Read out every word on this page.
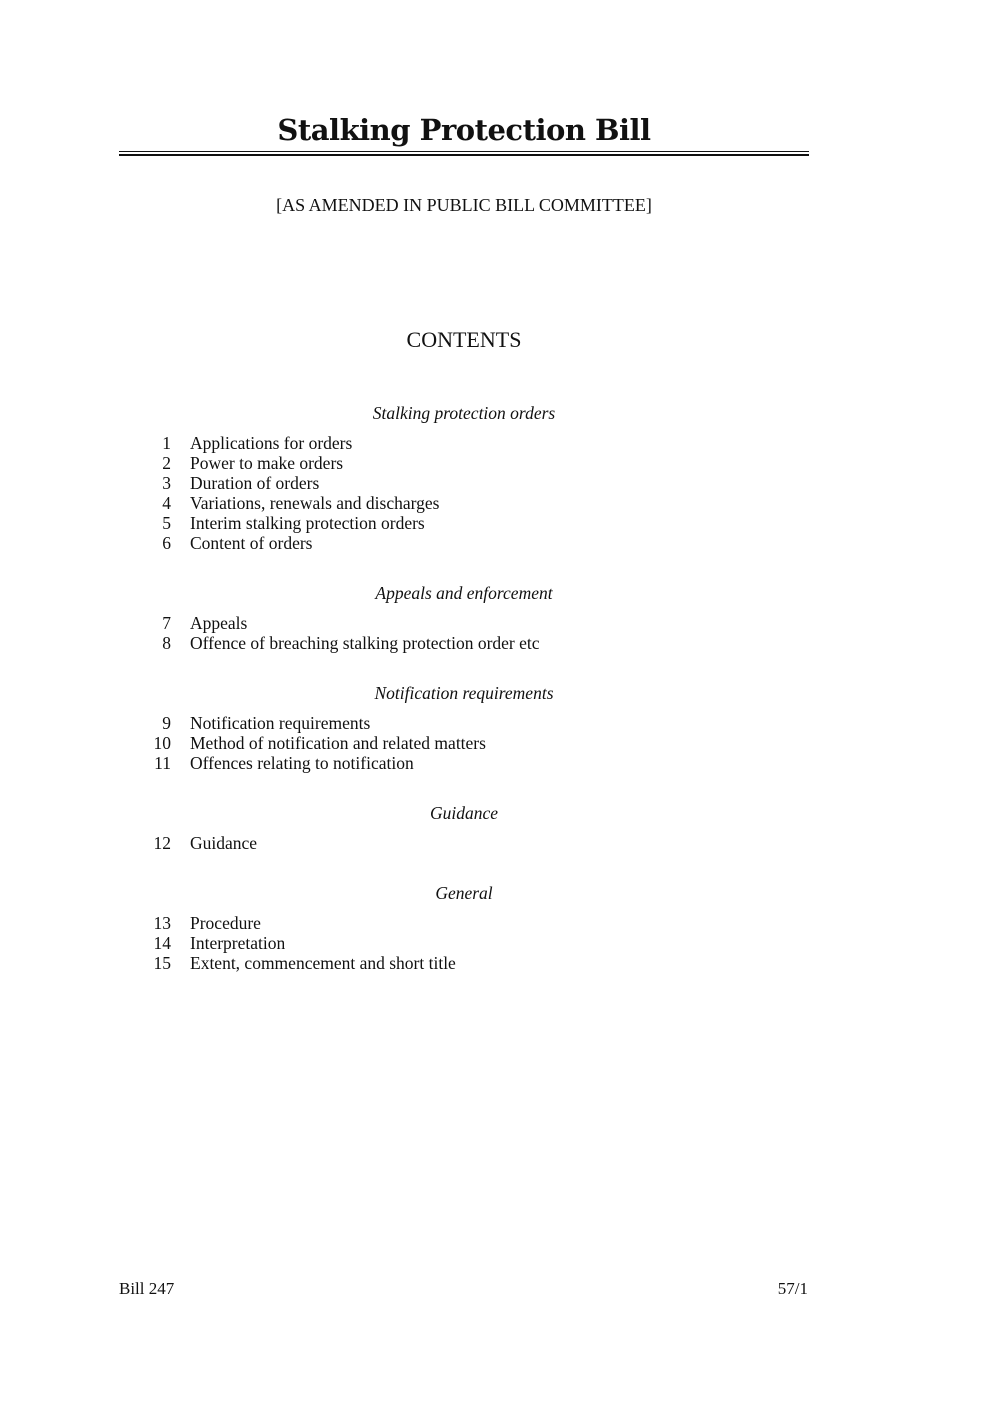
Stalking Protection Bill
[AS AMENDED IN PUBLIC BILL COMMITTEE]
CONTENTS
Stalking protection orders
1 Applications for orders
2 Power to make orders
3 Duration of orders
4 Variations, renewals and discharges
5 Interim stalking protection orders
6 Content of orders
Appeals and enforcement
7 Appeals
8 Offence of breaching stalking protection order etc
Notification requirements
9 Notification requirements
10 Method of notification and related matters
11 Offences relating to notification
Guidance
12 Guidance
General
13 Procedure
14 Interpretation
15 Extent, commencement and short title
Bill 247	57/1
